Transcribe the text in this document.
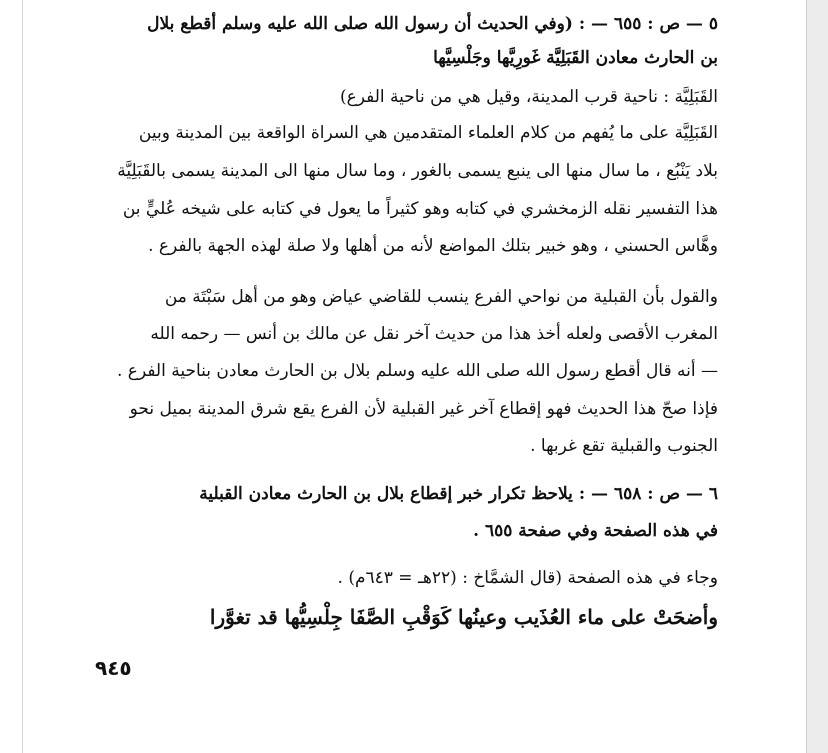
٥ — ص : ٦٥٥ — : (وفي الحديث أن رسول الله صلى الله عليه وسلم أقطع بلال
بن الحارث معادن القَبَلِيَّة غَورِيَّها وجَلْسِيَّها
القَبَلِيَّة : ناحية قرب المدينة، وقيل هي من ناحية الفرع)
القَبَلِيَّة على ما يُفهم من كلام العلماء المتقدمين هي السراة الواقعة بين المدينة وبين
بلاد يَنْبُع ، ما سال منها الى ينبع يسمى بالغور ، وما سال منها الى المدينة يسمى بالقَبَلِيَّة
هذا التفسير نقله الزمخشري في كتابه وهو كثيراً ما يعول في كتابه على شيخه عُليٍّ بن
وهَّاس الحسني ، وهو خبير بتلك المواضع لأنه من أهلها ولا صلة لهذه الجهة بالفرع .
والقول بأن القبلية من نواحي الفرع ينسب للقاضي عياض وهو من أهل سَبْتَة من
المغرب الأقصى ولعله أخذ هذا من حديث آخر نقل عن مالك بن أنس — رحمه الله
— أنه قال أقطع رسول الله صلى الله عليه وسلم بلال بن الحارث معادن بناحية الفرع .
فإذا صحّ هذا الحديث فهو إقطاع آخر غير القبلية لأن الفرع يقع شرق المدينة بميل نحو
الجنوب والقبلية تقع غربها .
٦ — ص : ٦٥٨ — : يلاحظ تكرار خبر إقطاع بلال بن الحارث معادن القبلية
في هذه الصفحة وفي صفحة ٦٥٥ .
وجاء في هذه الصفحة (قال الشمَّاخ : (٢٢هـ = ٦٤٣م) .
وأضحَتْ على ماء العُذَيب وعينُها كَوَقْبِ الصَّفَا جِلْسِيُّها قد تغوَّرا
٩٤٥
